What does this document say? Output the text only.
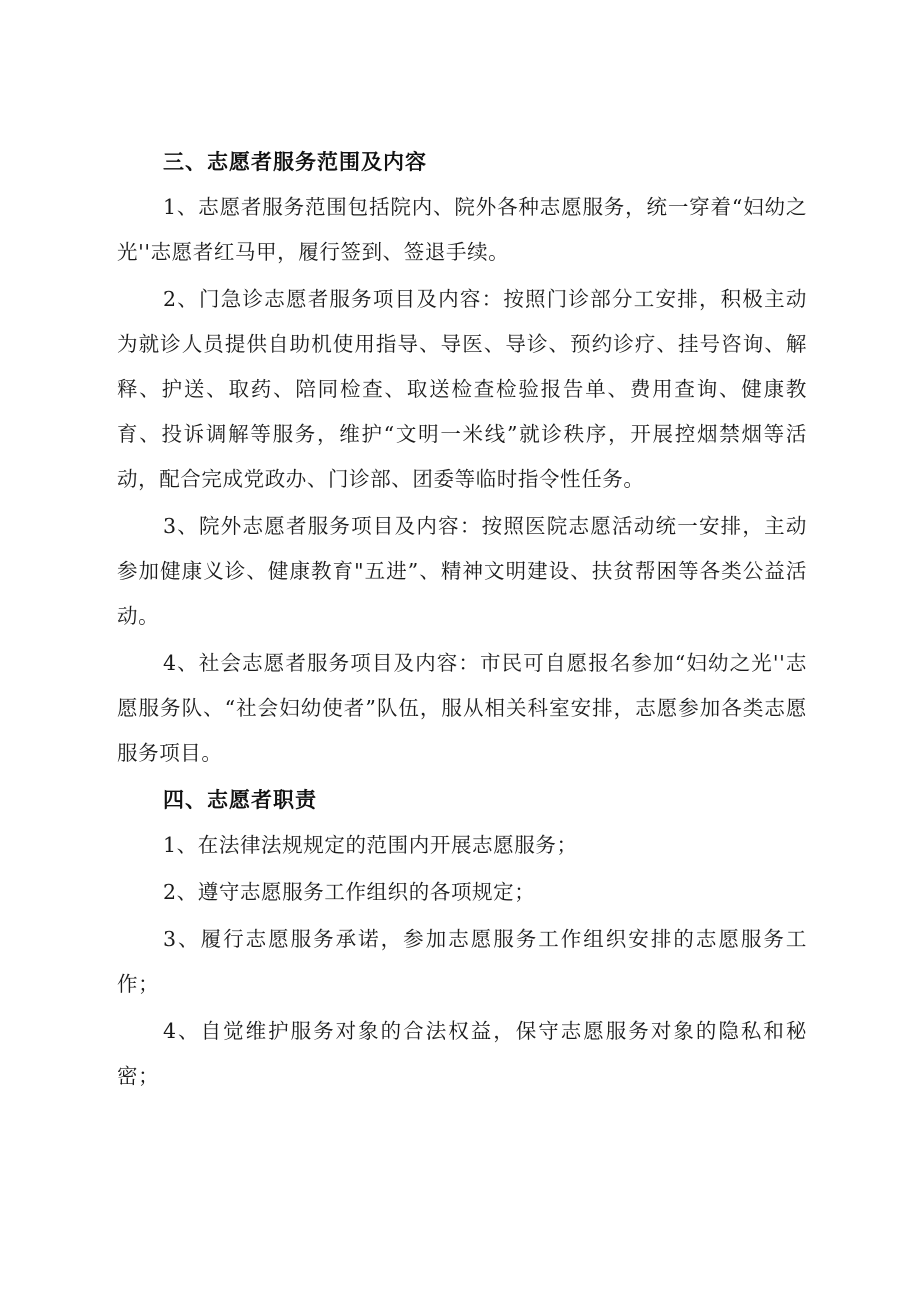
三、志愿者服务范围及内容

1、志愿者服务范围包括院内、院外各种志愿服务，统一穿着“妇幼之光''志愿者红马甲，履行签到、签退手续。

2、门急诊志愿者服务项目及内容：按照门诊部分工安排，积极主动为就诊人员提供自助机使用指导、导医、导诊、预约诊疗、挂号咨询、解释、护送、取药、陪同检查、取送检查检验报告单、费用查询、健康教育、投诉调解等服务，维护“文明一米线”就诊秩序，开展控烟禁烟等活动，配合完成党政办、门诊部、团委等临时指令性任务。

3、院外志愿者服务项目及内容：按照医院志愿活动统一安排，主动参加健康义诊、健康教育"五进”、精神文明建设、扶贫帮困等各类公益活动。

4、社会志愿者服务项目及内容：市民可自愿报名参加“妇幼之光''志愿服务队、“社会妇幼使者”队伍，服从相关科室安排，志愿参加各类志愿服务项目。

四、志愿者职责

1、在法律法规规定的范围内开展志愿服务；

2、遵守志愿服务工作组织的各项规定；

3、履行志愿服务承诺，参加志愿服务工作组织安排的志愿服务工作；

4、自觉维护服务对象的合法权益，保守志愿服务对象的隐私和秘密；
